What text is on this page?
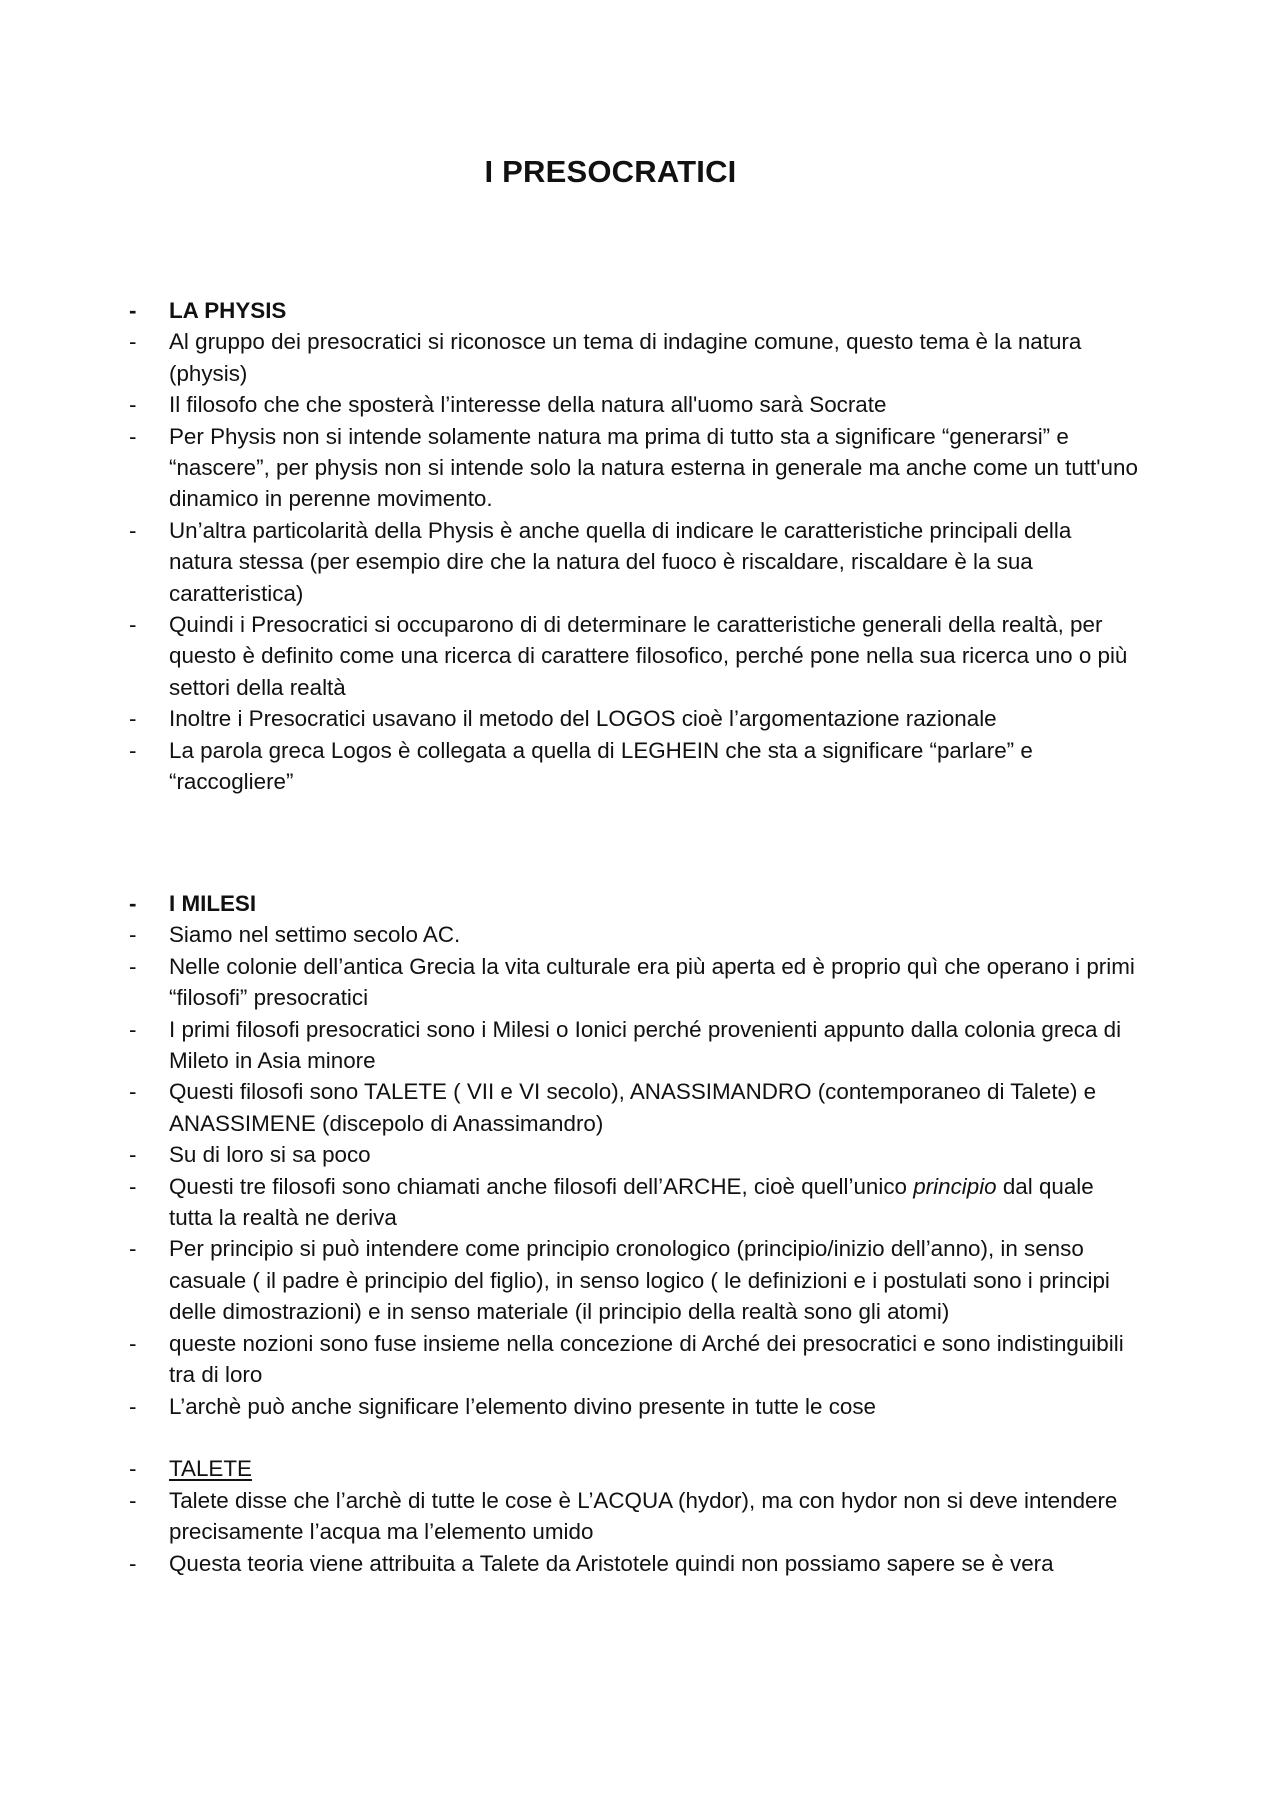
I PRESOCRATICI
- LA PHYSIS
- Al gruppo dei presocratici si riconosce un tema di indagine comune, questo tema è la natura (physis)
- Il filosofo che che sposterà l’interesse della natura all'uomo sarà Socrate
- Per Physis non si intende solamente natura ma prima di tutto sta a significare “generarsi” e “nascere”, per physis non si intende solo la natura esterna in generale ma anche come un tutt'uno dinamico in perenne movimento.
- Un’altra particolarità della Physis è anche quella di indicare le caratteristiche principali della natura stessa (per esempio dire che la natura del fuoco è riscaldare, riscaldare è la sua caratteristica)
- Quindi i Presocratici si occuparono di di determinare le caratteristiche generali della realtà, per questo è definito come una ricerca di carattere filosofico, perché pone nella sua ricerca uno o più settori della realtà
- Inoltre i Presocratici usavano il metodo del LOGOS cioè l’argomentazione razionale
- La parola greca Logos è collegata a quella di LEGHEIN che sta a significare “parlare” e “raccogliere”
- I MILESI
- Siamo nel settimo secolo AC.
- Nelle colonie dell’antica Grecia la vita culturale era più aperta ed è proprio quì che operano i primi “filosofi” presocratici
- I primi filosofi presocratici sono i Milesi o Ionici perché provenienti appunto dalla colonia greca di Mileto in Asia minore
- Questi filosofi sono TALETE ( VII e VI secolo), ANASSIMANDRO (contemporaneo di Talete) e ANASSIMENE (discepolo di Anassimandro)
- Su di loro si sa poco
- Questi tre filosofi sono chiamati anche filosofi dell’ARCHE, cioè quell’unico principio dal quale tutta la realtà ne deriva
- Per principio si può intendere come principio cronologico (principio/inizio dell’anno), in senso casuale ( il padre è principio del figlio), in senso logico ( le definizioni e i postulati sono i principi delle dimostrazioni) e in senso materiale (il principio della realtà sono gli atomi)
- queste nozioni sono fuse insieme nella concezione di Arché dei presocratici e sono indistinguibili tra di loro
- L’archè può anche significare l’elemento divino presente in tutte le cose
- TALETE
- Talete disse che l’archè di tutte le cose è L’ACQUA (hydor), ma con hydor non si deve intendere precisamente l’acqua ma l’elemento umido
- Questa teoria viene attribuita a Talete da Aristotele quindi non possiamo sapere se è vera
